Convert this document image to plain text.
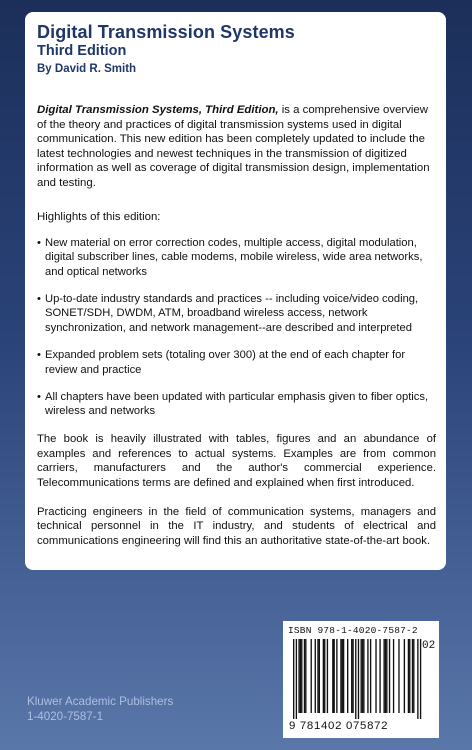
Digital Transmission Systems
Third Edition
By David R. Smith
Digital Transmission Systems, Third Edition, is a comprehensive overview of the theory and practices of digital transmission systems used in digital communication. This new edition has been completely updated to include the latest technologies and newest techniques in the transmission of digitized information as well as coverage of digital transmission design, implementation and testing.
Highlights of this edition:
• New material on error correction codes, multiple access, digital modulation, digital subscriber lines, cable modems, mobile wireless, wide area networks, and optical networks
• Up-to-date industry standards and practices -- including voice/video coding, SONET/SDH, DWDM, ATM, broadband wireless access, network synchronization, and network management--are described and interpreted
• Expanded problem sets (totaling over 300) at the end of each chapter for review and practice
• All chapters have been updated with particular emphasis given to fiber optics, wireless and networks
The book is heavily illustrated with tables, figures and an abundance of examples and references to actual systems. Examples are from common carriers, manufacturers and the author's commercial experience. Telecommunications terms are defined and explained when first introduced.
Practicing engineers in the field of communication systems, managers and technical personnel in the IT industry, and students of electrical and communications engineering will find this an authoritative state-of-the-art book.
Kluwer Academic Publishers
1-4020-7587-1
ISBN 978-1-4020-7587-2
02
9 781402 075872
